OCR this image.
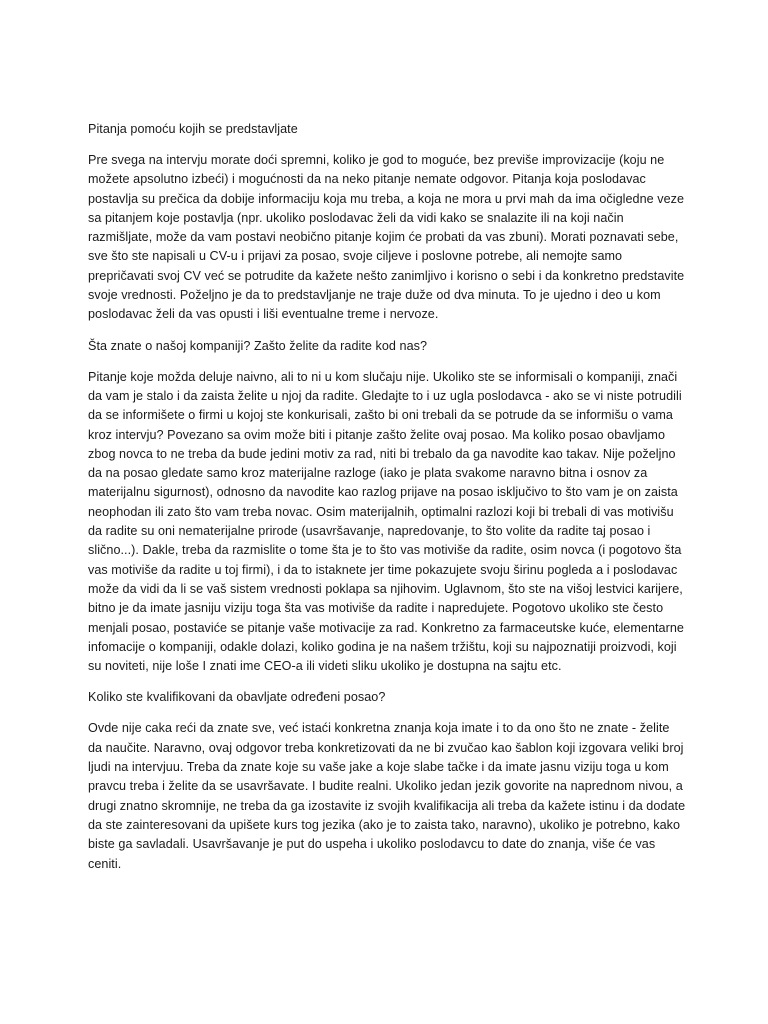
Pitanja pomoću kojih se predstavljate

Pre svega na intervju morate doći spremni, koliko je god to moguće, bez previše improvizacije (koju ne možete apsolutno izbeći) i mogućnosti da na neko pitanje nemate odgovor. Pitanja koja poslodavac postavlja su prečica da dobije informaciju koja mu treba, a koja ne mora u prvi mah da ima očigledne veze sa pitanjem koje postavlja (npr. ukoliko poslodavac želi da vidi kako se snalazite ili na koji način razmišljate, može da vam postavi neobično pitanje kojim će probati da vas zbuni). Morati poznavati sebe, sve što ste napisali u CV-u i prijavi za posao, svoje ciljeve i poslovne potrebe, ali nemojte samo prepričavati svoj CV već se potrudite da kažete nešto zanimljivo i korisno o sebi i da konkretno predstavite svoje vrednosti. Poželjno je da to predstavljanje ne traje duže od dva minuta. To je ujedno i deo u kom poslodavac želi da vas opusti i liši eventualne treme i nervoze.

Šta znate o našoj kompaniji? Zašto želite da radite kod nas?

Pitanje koje možda deluje naivno, ali to ni u kom slučaju nije. Ukoliko ste se informisali o kompaniji, znači da vam je stalo i da zaista želite u njoj da radite. Gledajte to i uz ugla poslodavca - ako se vi niste potrudili da se informišete o firmi u kojoj ste konkurisali, zašto bi oni trebali da se potrude da se informišu o vama kroz intervju? Povezano sa ovim može biti i pitanje zašto želite ovaj posao. Ma koliko posao obavljamo zbog novca to ne treba da bude jedini motiv za rad, niti bi trebalo da ga navodite kao takav. Nije poželjno da na posao gledate samo kroz materijalne razloge (iako je plata svakome naravno bitna i osnov za materijalnu sigurnost), odnosno da navodite kao razlog prijave na posao isključivo to što vam je on zaista neophodan ili zato što vam treba novac. Osim materijalnih, optimalni razlozi koji bi trebali di vas motivišu da radite su oni nematerijalne prirode (usavršavanje, napredovanje, to što volite da radite taj posao i slično...). Dakle, treba da razmislite o tome šta je to što vas motiviše da radite, osim novca (i pogotovo šta vas motiviše da radite u toj firmi), i da to istaknete jer time pokazujete svoju širinu pogleda a i poslodavac može da vidi da li se vaš sistem vrednosti poklapa sa njihovim. Uglavnom, što ste na višoj lestvici karijere, bitno je da imate jasniju viziju toga šta vas motiviše da radite i napredujete. Pogotovo ukoliko ste često menjali posao, postaviće se pitanje vaše motivacije za rad. Konkretno za farmaceutske kuće, elementarne infomacije o kompaniji, odakle dolazi, koliko godina je na našem tržištu, koji su najpoznatiji proizvodi, koji su noviteti, nije loše I znati ime CEO-a ili videti sliku ukoliko je dostupna na sajtu etc.

Koliko ste kvalifikovani da obavljate određeni posao?

Ovde nije caka reći da znate sve, već istaći konkretna znanja koja imate i to da ono što ne znate - želite da naučite. Naravno, ovaj odgovor treba konkretizovati da ne bi zvučao kao šablon koji izgovara veliki broj ljudi na intervjuu. Treba da znate koje su vaše jake a koje slabe tačke i da imate jasnu viziju toga u kom pravcu treba i želite da se usavršavate. I budite realni. Ukoliko jedan jezik govorite na naprednom nivou, a drugi znatno skromnije, ne treba da ga izostavite iz svojih kvalifikacija ali treba da kažete istinu i da dodate da ste zainteresovani da upišete kurs tog jezika (ako je to zaista tako, naravno), ukoliko je potrebno, kako biste ga savladali. Usavršavanje je put do uspeha i ukoliko poslodavcu to date do znanja, više će vas ceniti.
